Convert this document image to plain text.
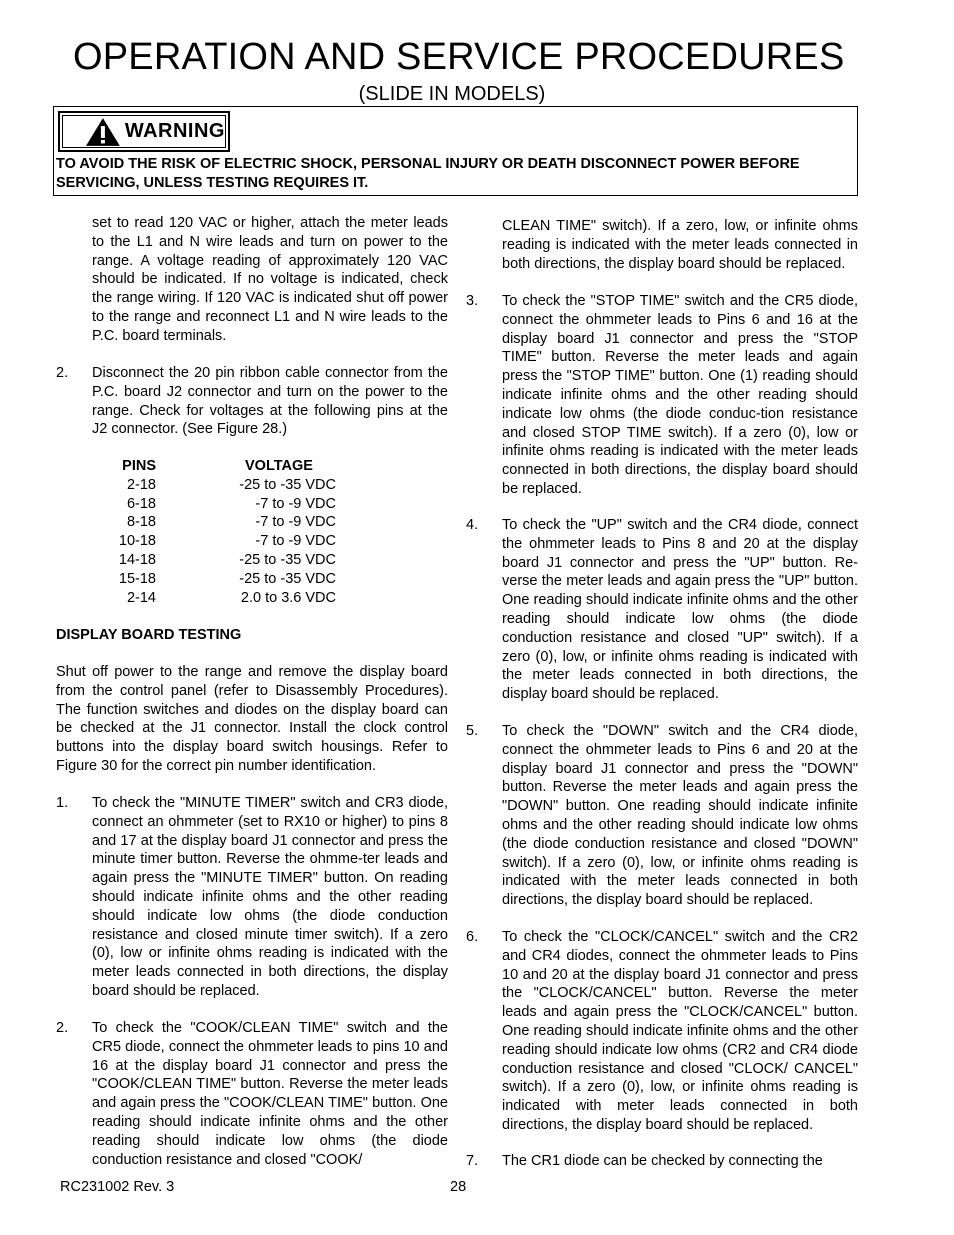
OPERATION AND SERVICE PROCEDURES
(SLIDE IN MODELS)
WARNING
TO AVOID THE RISK OF ELECTRIC SHOCK, PERSONAL INJURY OR DEATH DISCONNECT POWER BEFORE SERVICING, UNLESS TESTING REQUIRES IT.

set to read 120 VAC or higher, attach the meter leads to the L1 and N wire leads and turn on power to the range. A voltage reading of approximately 120 VAC should be indicated. If no voltage is indicated, check the range wiring. If 120 VAC is indicated shut off power to the range and reconnect L1 and N wire leads to the P.C. board terminals.

2. Disconnect the 20 pin ribbon cable connector from the P.C. board J2 connector and turn on the power to the range. Check for voltages at the following pins at the J2 connector. (See Figure 28.)

PINS	VOLTAGE
2-18	-25 to -35 VDC
6-18	-7 to -9 VDC
8-18	-7 to -9 VDC
10-18	-7 to -9 VDC
14-18	-25 to -35 VDC
15-18	-25 to -35 VDC
2-14	2.0 to 3.6 VDC
DISPLAY BOARD TESTING

Shut off power to the range and remove the display board from the control panel (refer to Disassembly Procedures). The function switches and diodes on the display board can be checked at the J1 connector. Install the clock control buttons into the display board switch housings. Refer to Figure 30 for the correct pin number identification.

1. To check the "MINUTE TIMER" switch and CR3 diode, connect an ohmmeter (set to RX10 or higher) to pins 8 and 17 at the display board J1 connector and press the minute timer button. Reverse the ohmme-ter leads and again press the "MINUTE TIMER" button. On reading should indicate infinite ohms and the other reading should indicate low ohms (the diode conduction resistance and closed minute timer switch). If a zero (0), low or infinite ohms reading is indicated with the meter leads connected in both directions, the display board should be replaced.

2. To check the "COOK/CLEAN TIME" switch and the CR5 diode, connect the ohmmeter leads to pins 10 and 16 at the display board J1 connector and press the "COOK/CLEAN TIME" button. Reverse the meter leads and again press the "COOK/CLEAN TIME" button. One reading should indicate infinite ohms and the other reading should indicate low ohms (the diode conduction resistance and closed "COOK/

CLEAN TIME" switch). If a zero, low, or infinite ohms reading is indicated with the meter leads connected in both directions, the display board should be replaced.

3. To check the "STOP TIME" switch and the CR5 diode, connect the ohmmeter leads to Pins 6 and 16 at the display board J1 connector and press the "STOP TIME" button. Reverse the meter leads and again press the "STOP TIME" button. One (1) reading should indicate infinite ohms and the other reading should indicate low ohms (the diode conduc-tion resistance and closed STOP TIME switch). If a zero (0), low or infinite ohms reading is indicated with the meter leads connected in both directions, the display board should be replaced.

4. To check the "UP" switch and the CR4 diode, connect the ohmmeter leads to Pins 8 and 20 at the display board J1 connector and press the "UP" button. Re-verse the meter leads and again press the "UP" button. One reading should indicate infinite ohms and the other reading should indicate low ohms (the diode conduction resistance and closed "UP" switch). If a zero (0), low, or infinite ohms reading is indicated with the meter leads connected in both directions, the display board should be replaced.

5. To check the "DOWN" switch and the CR4 diode, connect the ohmmeter leads to Pins 6 and 20 at the display board J1 connector and press the "DOWN" button. Reverse the meter leads and again press the "DOWN" button. One reading should indicate infinite ohms and the other reading should indicate low ohms (the diode conduction resistance and closed "DOWN" switch). If a zero (0), low, or infinite ohms reading is indicated with the meter leads connected in both directions, the display board should be replaced.

6. To check the "CLOCK/CANCEL" switch and the CR2 and CR4 diodes, connect the ohmmeter leads to Pins 10 and 20 at the display board J1 connector and press the "CLOCK/CANCEL" button. Reverse the meter leads and again press the "CLOCK/CANCEL" button. One reading should indicate infinite ohms and the other reading should indicate low ohms (CR2 and CR4 diode conduction resistance and closed "CLOCK/ CANCEL" switch). If a zero (0), low, or infinite ohms reading is indicated with meter leads connected in both directions, the display board should be replaced.

7. The CR1 diode can be checked by connecting the

RC231002 Rev. 3	28
